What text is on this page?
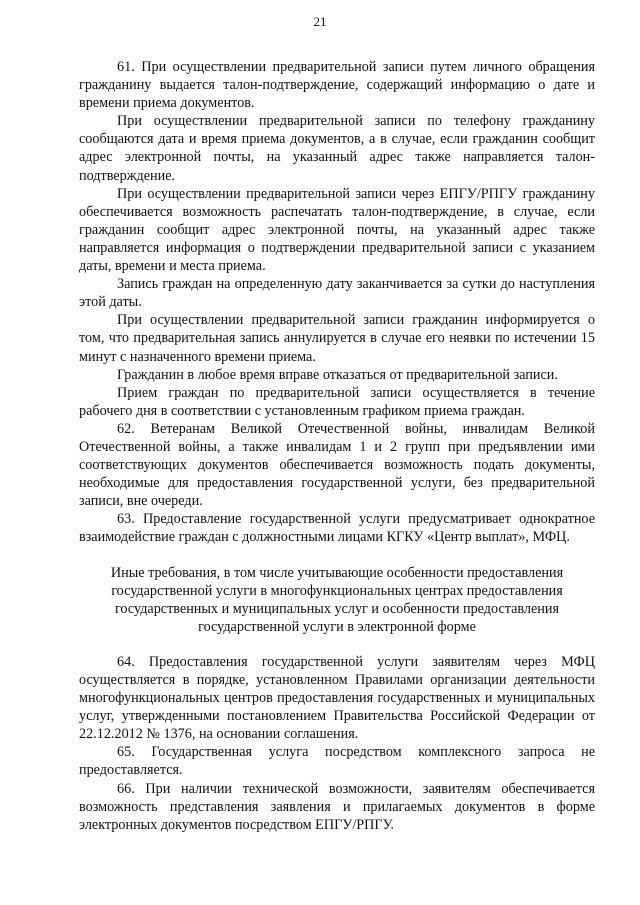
21

61. При осуществлении предварительной записи путем личного обращения гражданину выдается талон-подтверждение, содержащий информацию о дате и времени приема документов.

При осуществлении предварительной записи по телефону гражданину сообщаются дата и время приема документов, а в случае, если гражданин сообщит адрес электронной почты, на указанный адрес также направляется талон-подтверждение.

При осуществлении предварительной записи через ЕПГУ/РПГУ гражданину обеспечивается возможность распечатать талон-подтверждение, в случае, если гражданин сообщит адрес электронной почты, на указанный адрес также направляется информация о подтверждении предварительной записи с указанием даты, времени и места приема.

Запись граждан на определенную дату заканчивается за сутки до наступления этой даты.

При осуществлении предварительной записи гражданин информируется о том, что предварительная запись аннулируется в случае его неявки по истечении 15 минут с назначенного времени приема.

Гражданин в любое время вправе отказаться от предварительной записи.

Прием граждан по предварительной записи осуществляется в течение рабочего дня в соответствии с установленным графиком приема граждан.

62. Ветеранам Великой Отечественной войны, инвалидам Великой Отечественной войны, а также инвалидам 1 и 2 групп при предъявлении ими соответствующих документов обеспечивается возможность подать документы, необходимые для предоставления государственной услуги, без предварительной записи, вне очереди.

63. Предоставление государственной услуги предусматривает однократное взаимодействие граждан с должностными лицами КГКУ «Центр выплат», МФЦ.

Иные требования, в том числе учитывающие особенности предоставления государственной услуги в многофункциональных центрах предоставления государственных и муниципальных услуг и особенности предоставления государственной услуги в электронной форме

64. Предоставления государственной услуги заявителям через МФЦ осуществляется в порядке, установленном Правилами организации деятельности многофункциональных центров предоставления государственных и муниципальных услуг, утвержденными постановлением Правительства Российской Федерации от 22.12.2012 № 1376, на основании соглашения.

65. Государственная услуга посредством комплексного запроса не предоставляется.

66. При наличии технической возможности, заявителям обеспечивается возможность представления заявления и прилагаемых документов в форме электронных документов посредством ЕПГУ/РПГУ.
